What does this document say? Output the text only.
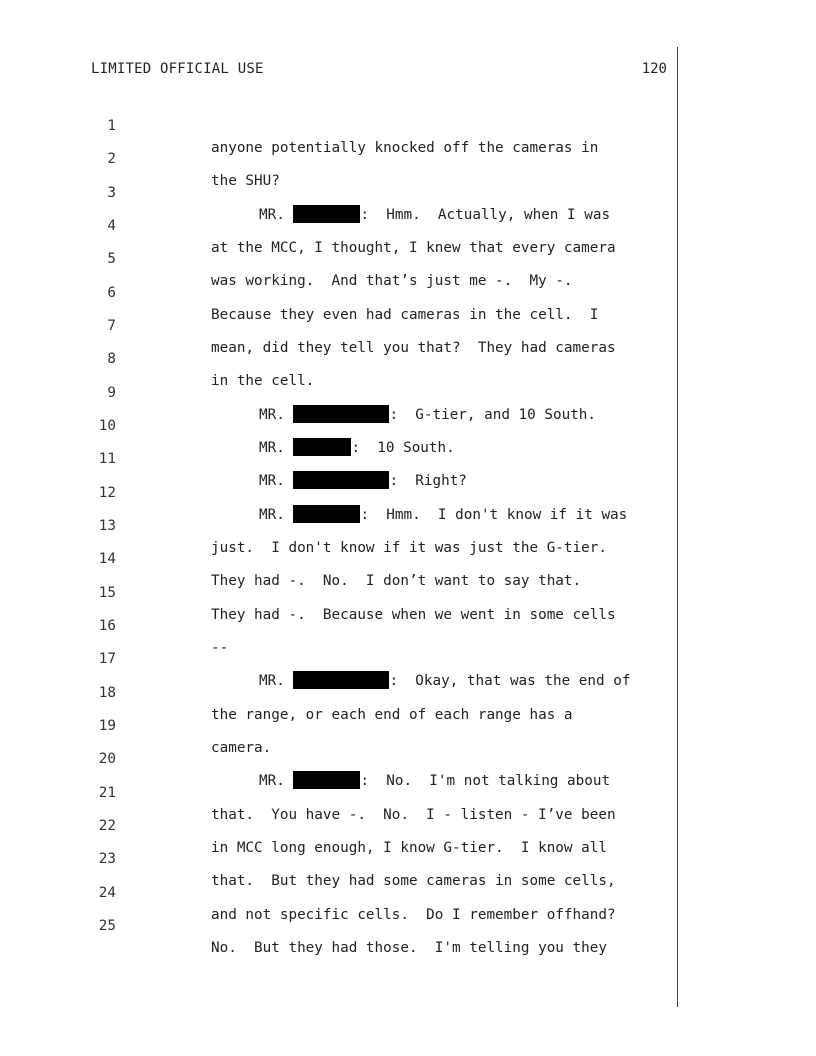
LIMITED OFFICIAL USE	120

1

anyone potentially knocked off the cameras in

2

the SHU?

3

MR.	:  Hmm.  Actually, when I was

4

at the MCC, I thought, I knew that every camera

5

was working.  And that’s just me -.  My -.

6

Because they even had cameras in the cell.  I

7

mean, did they tell you that?  They had cameras

8

in the cell.

9

MR.	:  G-tier, and 10 South.

10

MR.	:  10 South.

11

MR.	:  Right?

12

MR.	:  Hmm.  I don't know if it was

13

just.  I don't know if it was just the G-tier.

14

They had -.  No.  I don’t want to say that.

15

They had -.  Because when we went in some cells

16

--

17

MR.	:  Okay, that was the end of

18

the range, or each end of each range has a

19

camera.

20

MR.	:  No.  I'm not talking about

21

that.  You have -.  No.  I - listen - I’ve been

22

in MCC long enough, I know G-tier.  I know all

23

that.  But they had some cameras in some cells,

24

and not specific cells.  Do I remember offhand?

25

No.  But they had those.  I'm telling you they
